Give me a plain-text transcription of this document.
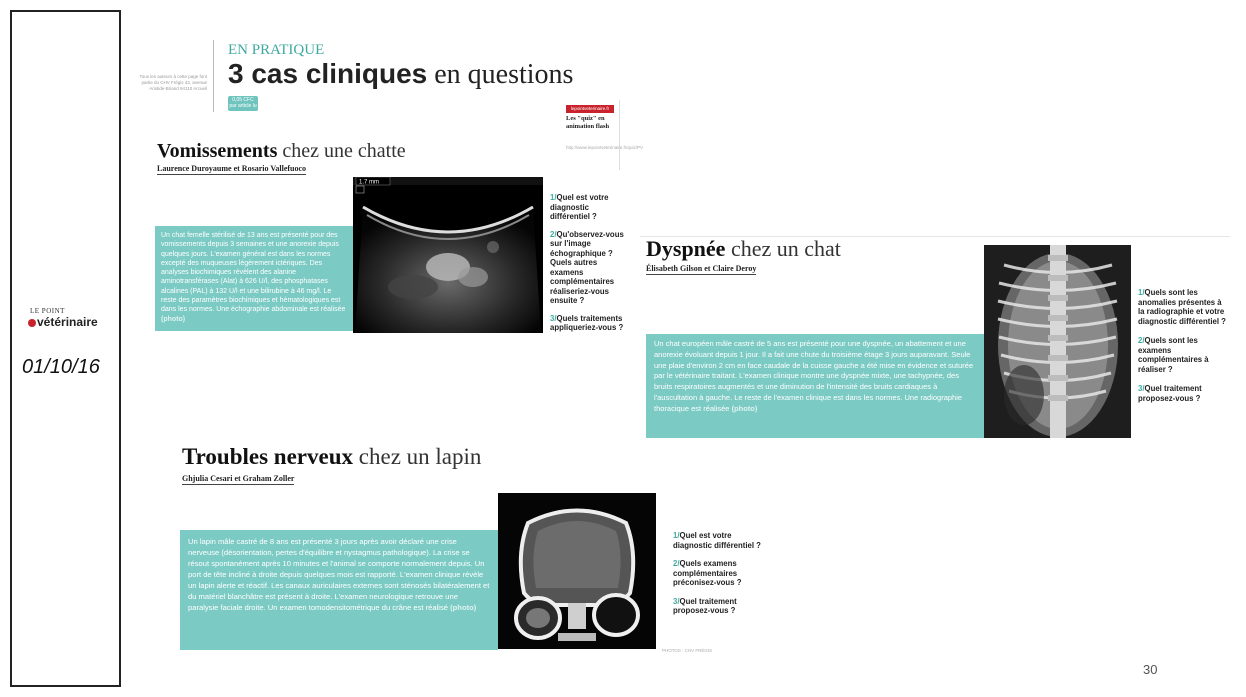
LE POINT
vétérinaire
01/10/16
Tous les auteurs à cette page font partie du CHV Frégis 43, avenue Aristide-Briand 94110 Arcueil
EN PRATIQUE
3 cas cliniques en questions
0,05 CFC
par article lu	lepointveterinaire.fr
Les "quiz" en animation flash
http://www.lepointveterinaire.fr/quiz/PV
Vomissements chez une chatte
Laurence Duroyaume et Rosario Vallefuoco

Un chat femelle stérilisé de 13 ans est présenté pour des vomissements depuis 3 semaines et une anorexie depuis quelques jours. L'examen général est dans les normes excepté des muqueuses légèrement ictériques. Des analyses biochimiques révèlent des alanine aminotransférases (Alat) à 626 U/l, des phosphatases alcalines (PAL) à 132 U/l et une bilirubine à 46 mg/l. Le reste des paramètres biochimiques et hématologiques est dans les normes. Une échographie abdominale est réalisée (photo)

1.7 mm
1/Quel est votre diagnostic différentiel ?
2/Qu'observez-vous sur l'image échographique ? Quels autres examens complémentaires réaliseriez-vous ensuite ?
3/Quels traitements appliqueriez-vous ?
Dyspnée chez un chat
Élisabeth Gilson et Claire Deroy

Un chat européen mâle castré de 5 ans est présenté pour une dyspnée, un abattement et une anorexie évoluant depuis 1 jour. Il a fait une chute du troisième étage 3 jours auparavant. Seule une plaie d'environ 2 cm en face caudale de la cuisse gauche a été mise en évidence et suturée par le vétérinaire traitant. L'examen clinique montre une dyspnée mixte, une tachypnée, des bruits respiratoires augmentés et une diminution de l'intensité des bruits cardiaques à l'auscultation à gauche. Le reste de l'examen clinique est dans les normes. Une radiographie thoracique est réalisée (photo)

1/Quels sont les anomalies présentes à la radiographie et votre diagnostic différentiel ?
2/Quels sont les examens complémentaires à réaliser ?
3/Quel traitement proposez-vous ?
Troubles nerveux chez un lapin
Ghjulia Cesari et Graham Zoller

Un lapin mâle castré de 8 ans est présenté 3 jours après avoir déclaré une crise nerveuse (désorientation, pertes d'équilibre et nystagmus pathologique). La crise se résout spontanément après 10 minutes et l'animal se comporte normalement depuis. Un port de tête incliné à droite depuis quelques mois est rapporté. L'examen clinique révèle un lapin alerte et réactif. Les canaux auriculaires externes sont sténosés bilatéralement et du matériel blanchâtre est présent à droite. L'examen neurologique retrouve une paralysie faciale droite. Un examen tomodensitométrique du crâne est réalisé (photo)

1/Quel est votre diagnostic différentiel ?
2/Quels examens complémentaires préconisez-vous ?
3/Quel traitement proposez-vous ?
PHOTOS : CHV FRÉGIS
30
